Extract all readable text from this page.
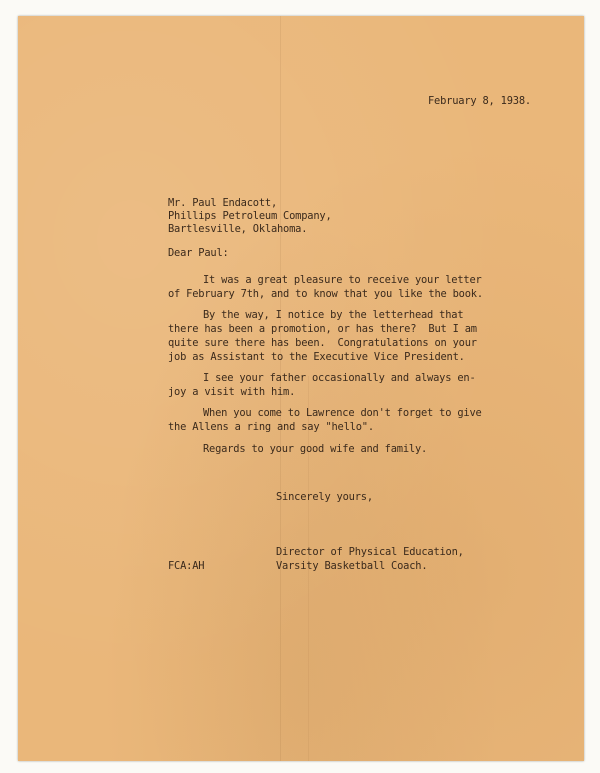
February 8, 1938.
Mr. Paul Endacott,
Phillips Petroleum Company,
Bartlesville, Oklahoma.
Dear Paul:
It was a great pleasure to receive your letter
of February 7th, and to know that you like the book.
By the way, I notice by the letterhead that
there has been a promotion, or has there?  But I am
quite sure there has been.  Congratulations on your
job as Assistant to the Executive Vice President.
I see your father occasionally and always en-
joy a visit with him.
When you come to Lawrence don't forget to give
the Allens a ring and say "hello".
Regards to your good wife and family.
Sincerely yours,
Director of Physical Education,
FCA:AH	Varsity Basketball Coach.
